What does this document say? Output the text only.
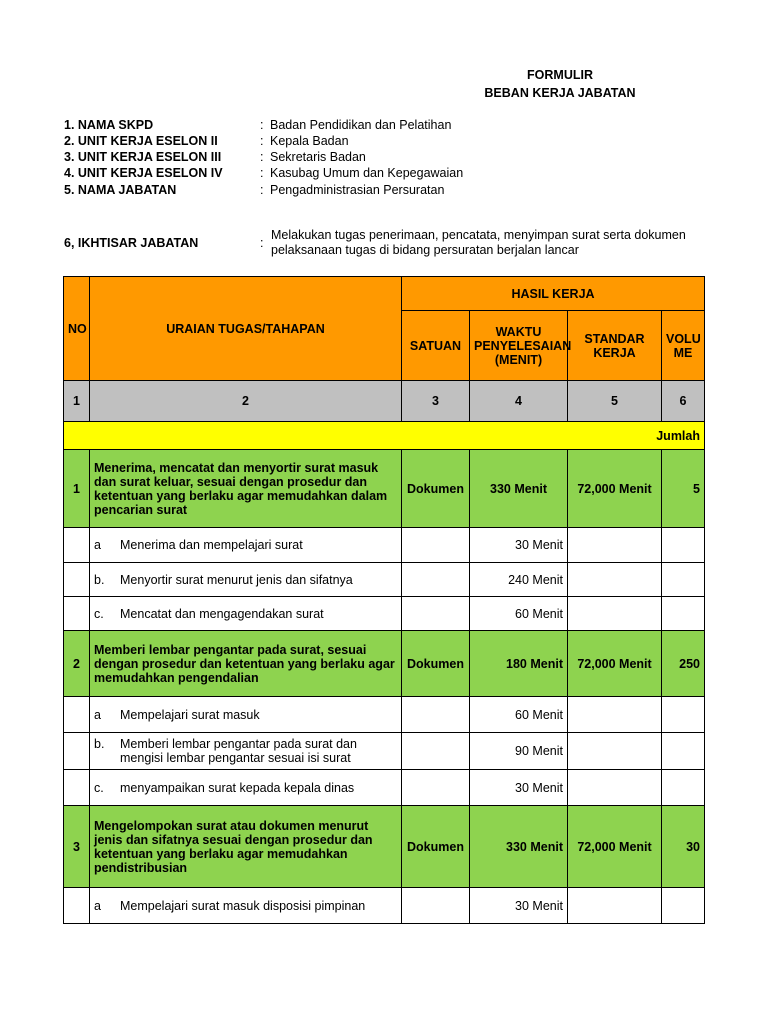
FORMULIR
BEBAN KERJA JABATAN
1. NAMA SKPD	: Badan Pendidikan dan Pelatihan
2. UNIT KERJA ESELON II	: Kepala Badan
3. UNIT KERJA ESELON III	: Sekretaris Badan
4. UNIT KERJA ESELON IV	: Kasubag Umum dan Kepegawaian
5. NAMA JABATAN	: Pengadministrasian Persuratan
6, IKHTISAR JABATAN	:
Melakukan tugas penerimaan, pencatata, menyimpan surat serta dokumen pelaksanaan tugas di bidang persuratan berjalan lancar
NO	URAIAN TUGAS/TAHAPAN	HASIL KERJA			
		SATUAN	WAKTU PENYELESAIAN (MENIT)	STANDAR KERJA	VOLU ME
1	2	3	4	5	6
Jumlah					
1	Menerima, mencatat dan menyortir surat masuk dan surat keluar, sesuai dengan prosedur dan ketentuan yang berlaku agar memudahkan dalam pencarian surat	Dokumen	330 Menit	72,000 Menit	5
	a Menerima dan mempelajari surat		30 Menit		
	b. Menyortir surat menurut jenis dan sifatnya		240 Menit		
	c. Mencatat dan mengagendakan surat		60 Menit		
2	Memberi lembar pengantar pada surat, sesuai dengan prosedur dan ketentuan yang berlaku agar memudahkan pengendalian	Dokumen	180 Menit	72,000 Menit	250
	a Mempelajari surat masuk		60 Menit		
	b. Memberi lembar pengantar pada surat dan mengisi lembar pengantar sesuai isi surat		90 Menit		
	c. menyampaikan surat kepada kepala dinas		30 Menit		
3	Mengelompokan surat atau dokumen menurut jenis dan sifatnya sesuai dengan prosedur dan ketentuan yang berlaku agar memudahkan pendistribusian	Dokumen	330 Menit	72,000 Menit	30
	a Mempelajari surat masuk disposisi pimpinan		30 Menit		
